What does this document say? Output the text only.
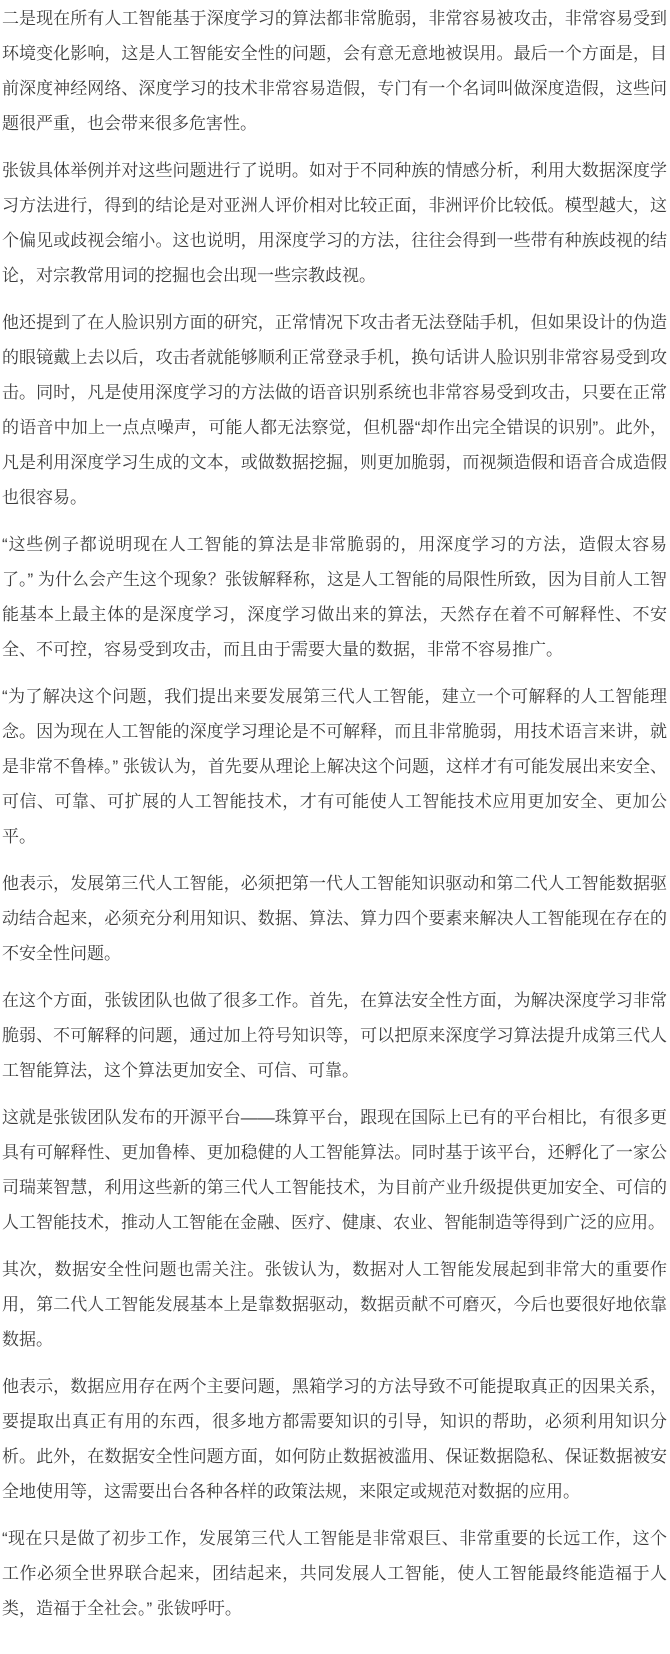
二是现在所有人工智能基于深度学习的算法都非常脆弱，非常容易被攻击，非常容易受到环境变化影响，这是人工智能安全性的问题，会有意无意地被误用。最后一个方面是，目前深度神经网络、深度学习的技术非常容易造假，专门有一个名词叫做深度造假，这些问题很严重，也会带来很多危害性。

张钹具体举例并对这些问题进行了说明。如对于不同种族的情感分析，利用大数据深度学习方法进行，得到的结论是对亚洲人评价相对比较正面，非洲评价比较低。模型越大，这个偏见或歧视会缩小。这也说明，用深度学习的方法，往往会得到一些带有种族歧视的结论，对宗教常用词的挖掘也会出现一些宗教歧视。

他还提到了在人脸识别方面的研究，正常情况下攻击者无法登陆手机，但如果设计的伪造的眼镜戴上去以后，攻击者就能够顺利正常登录手机，换句话讲人脸识别非常容易受到攻击。同时，凡是使用深度学习的方法做的语音识别系统也非常容易受到攻击，只要在正常的语音中加上一点点噪声，可能人都无法察觉，但机器“却作出完全错误的识别”。此外，凡是利用深度学习生成的文本，或做数据挖掘，则更加脆弱，而视频造假和语音合成造假也很容易。

“这些例子都说明现在人工智能的算法是非常脆弱的，用深度学习的方法，造假太容易了。” 为什么会产生这个现象？张钹解释称，这是人工智能的局限性所致，因为目前人工智能基本上最主体的是深度学习，深度学习做出来的算法，天然存在着不可解释性、不安全、不可控，容易受到攻击，而且由于需要大量的数据，非常不容易推广。

“为了解决这个问题，我们提出来要发展第三代人工智能，建立一个可解释的人工智能理念。因为现在人工智能的深度学习理论是不可解释，而且非常脆弱，用技术语言来讲，就是非常不鲁棒。” 张钹认为，首先要从理论上解决这个问题，这样才有可能发展出来安全、可信、可靠、可扩展的人工智能技术，才有可能使人工智能技术应用更加安全、更加公平。

他表示，发展第三代人工智能，必须把第一代人工智能知识驱动和第二代人工智能数据驱动结合起来，必须充分利用知识、数据、算法、算力四个要素来解决人工智能现在存在的不安全性问题。

在这个方面，张钹团队也做了很多工作。首先，在算法安全性方面，为解决深度学习非常脆弱、不可解释的问题，通过加上符号知识等，可以把原来深度学习算法提升成第三代人工智能算法，这个算法更加安全、可信、可靠。

这就是张钹团队发布的开源平台——珠算平台，跟现在国际上已有的平台相比，有很多更具有可解释性、更加鲁棒、更加稳健的人工智能算法。同时基于该平台，还孵化了一家公司瑞莱智慧，利用这些新的第三代人工智能技术，为目前产业升级提供更加安全、可信的人工智能技术，推动人工智能在金融、医疗、健康、农业、智能制造等得到广泛的应用。

其次，数据安全性问题也需关注。张钹认为，数据对人工智能发展起到非常大的重要作用，第二代人工智能发展基本上是靠数据驱动，数据贡献不可磨灭，今后也要很好地依靠数据。

他表示，数据应用存在两个主要问题，黑箱学习的方法导致不可能提取真正的因果关系，要提取出真正有用的东西，很多地方都需要知识的引导，知识的帮助，必须利用知识分析。此外，在数据安全性问题方面，如何防止数据被滥用、保证数据隐私、保证数据被安全地使用等，这需要出台各种各样的政策法规，来限定或规范对数据的应用。

“现在只是做了初步工作，发展第三代人工智能是非常艰巨、非常重要的长远工作，这个工作必须全世界联合起来，团结起来，共同发展人工智能，使人工智能最终能造福于人类，造福于全社会。” 张钹呼吁。
